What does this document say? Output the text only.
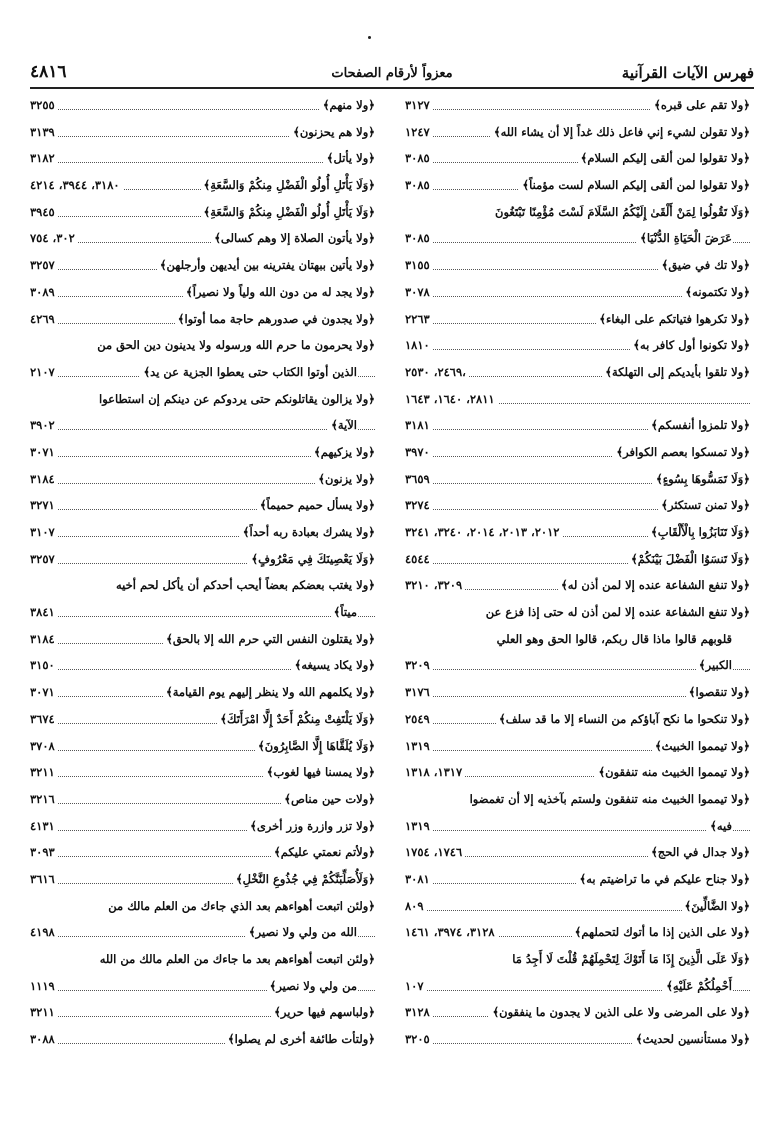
فهرس الآيات القرآنية
معزواً لأرقام الصفحات
٤٨١٦
﴿ولا تقم على قبره﴾
٣١٢٧
﴿ولا تقولن لشيء إني فاعل ذلك غداً إلا أن يشاء الله﴾
١٢٤٧
﴿ولا تقولوا لمن ألقى إليكم السلام﴾
٣٠٨٥
﴿ولا تقولوا لمن ألقى إليكم السلام لست مؤمناً﴾
٣٠٨٥
﴿وَلَا تَقُولُوا لِمَنْ أَلْقَىٰ إِلَيْكُمُ السَّلَامَ لَسْتَ مُؤْمِنًا تَبْتَغُونَ
عَرَضَ الْحَيَاةِ الدُّنْيَا﴾
٣٠٨٥
﴿ولا تك في ضيق﴾
٣١٥٥
﴿ولا تكتمونه﴾
٣٠٧٨
﴿ولا تكرهوا فتياتكم على البغاء﴾
٢٢٦٣
﴿ولا تكونوا أول كافر به﴾
١٨١٠
﴿ولا تلقوا بأيديكم إلى التهلكة﴾
٢٤٦٩، ٢٥٣٠،
٢٨١١، ١٦٤٠، ١٦٤٣
﴿ولا تلمزوا أنفسكم﴾
٣١٨١
﴿ولا تمسكوا بعصم الكوافر﴾
٣٩٧٠
﴿وَلَا تَمَسُّوهَا بِسُوءٍ﴾
٣٦٥٩
﴿ولا تمنن تستكثر﴾
٣٢٧٤
﴿وَلَا تَنَابَزُوا بِالْأَلْقَابِ﴾
٢٠١٢، ٢٠١٣، ٢٠١٤، ٣٢٤٠، ٣٢٤١
﴿وَلَا تَنسَوُا الْفَضْلَ بَيْنَكُمْ﴾
٤٥٤٤
﴿ولا تنفع الشفاعة عنده إلا لمن أذن له﴾
٣٢٠٩، ٣٢١٠
﴿ولا تنفع الشفاعة عنده إلا لمن أذن له حتى إذا فزع عن
قلوبهم قالوا ماذا قال ربكم، قالوا الحق وهو العلي
الكبير﴾
٣٢٠٩
﴿ولا تنقصوا﴾
٣١٧٦
﴿ولا تنكحوا ما نكح آباؤكم من النساء إلا ما قد سلف﴾
٢٥٤٩
﴿ولا تيمموا الخبيث﴾
١٣١٩
﴿ولا تيمموا الخبيث منه تنفقون﴾
١٣١٧، ١٣١٨
﴿ولا تيمموا الخبيث منه تنفقون ولستم بآخذيه إلا أن تغمضوا
فيه﴾
١٣١٩
﴿ولا جدال في الحج﴾
١٧٤٦، ١٧٥٤
﴿ولا جناح عليكم في ما تراضيتم به﴾
٣٠٨١
﴿ولا الضَّالِّينَ﴾
٨٠٩
﴿ولا على الذين إذا ما أتوك لتحملهم﴾
٣١٢٨، ٣٩٧٤، ١٤٦١
﴿وَلَا عَلَى الَّذِينَ إِذَا مَا أَتَوْكَ لِتَحْمِلَهُمْ قُلْتَ لَا أَجِدُ مَا
أَحْمِلُكُمْ عَلَيْهِ﴾
١٠٧
﴿ولا على المرضى ولا على الذين لا يجدون ما ينفقون﴾
٣١٢٨
﴿ولا مستأنسين لحديث﴾
٣٢٠٥
﴿ولا منهم﴾
٣٢٥٥
﴿ولا هم يحزنون﴾
٣١٣٩
﴿ولا يأتل﴾
٣١٨٢
﴿وَلَا يَأْتَلِ أُولُو الْفَضْلِ مِنكُمْ وَالسَّعَةِ﴾
٣١٨٠، ٣٩٤٤، ٤٢١٤
﴿وَلَا يَأْتَلِ أُولُو الْفَضْلِ مِنكُمْ وَالسَّعَةِ﴾
٣٩٤٥
﴿ولا يأتون الصلاة إلا وهم كسالى﴾
٣٠٢، ٧٥٤
﴿ولا يأتين ببهتان يفترينه بين أيديهن وأرجلهن﴾
٣٢٥٧
﴿ولا يجد له من دون الله ولياً ولا نصيراً﴾
٣٠٨٩
﴿ولا يجدون في صدورهم حاجة مما أوتوا﴾
٤٢٦٩
﴿ولا يحرمون ما حرم الله ورسوله ولا يدينون دين الحق من
الذين أوتوا الكتاب حتى يعطوا الجزية عن يد﴾
٢١٠٧
﴿ولا يزالون يقاتلونكم حتى يردوكم عن دينكم إن استطاعوا
الآية﴾
٣٩٠٢
﴿ولا يزكيهم﴾
٣٠٧١
﴿ولا يزنون﴾
٣١٨٤
﴿ولا يسأل حميم حميماً﴾
٣٢٧١
﴿ولا يشرك بعبادة ربه أحداً﴾
٣١٠٧
﴿وَلَا يَعْصِينَكَ فِي مَعْرُوفٍ﴾
٣٢٥٧
﴿ولا يغتب بعضكم بعضاً أيحب أحدكم أن يأكل لحم أخيه
ميتاً﴾
٣٨٤١
﴿ولا يقتلون النفس التي حرم الله إلا بالحق﴾
٣١٨٤
﴿ولا يكاد يسيغه﴾
٣١٥٠
﴿ولا يكلمهم الله ولا ينظر إليهم يوم القيامة﴾
٣٠٧١
﴿وَلَا يَلْتَفِتْ مِنكُمْ أَحَدٌ إِلَّا امْرَأَتَكَ﴾
٣٦٧٤
﴿وَلَا يُلَقَّاهَا إِلَّا الصَّابِرُونَ﴾
٣٧٠٨
﴿ولا يمسنا فيها لغوب﴾
٣٢١١
﴿ولات حين مناص﴾
٣٢١٦
﴿ولا تزر وازرة وزر أخرى﴾
٤١٣١
﴿ولأتم نعمتي عليكم﴾
٣٠٩٣
﴿وَلَأُصَلِّبَنَّكُمْ فِي جُذُوعِ النَّخْلِ﴾
٣٦١٦
﴿ولئن اتبعت أهواءهم بعد الذي جاءك من العلم مالك من
الله من ولي ولا نصير﴾
٤١٩٨
﴿ولئن اتبعت أهواءهم بعد ما جاءك من العلم مالك من الله
من ولي ولا نصير﴾
١١١٩
﴿ولباسهم فيها حرير﴾
٣٢١١
﴿ولتأت طائفة أخرى لم يصلوا﴾
٣٠٨٨
